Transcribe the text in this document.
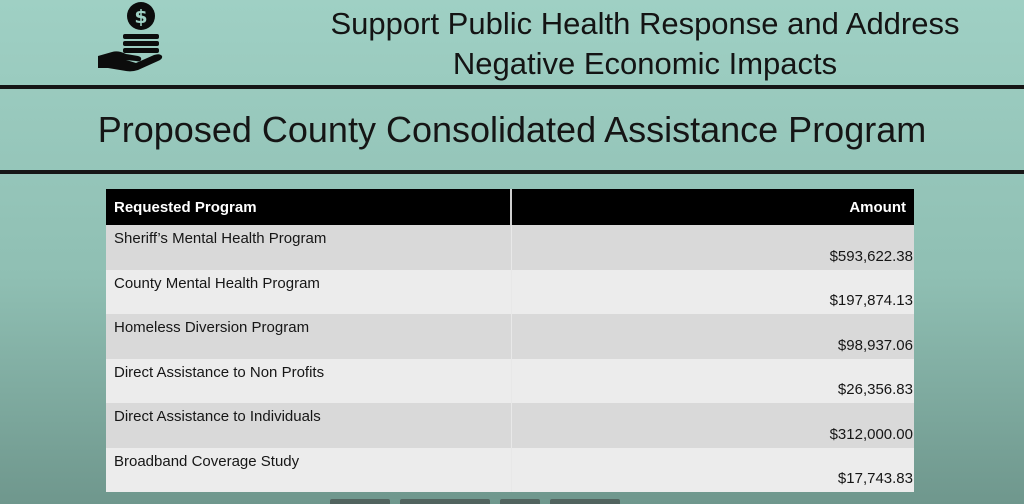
$	Support Public Health Response and Address
Negative Economic Impacts
Proposed County Consolidated Assistance Program
Requested Program	Amount
Sheriff’s Mental Health Program	$593,622.38
County Mental Health Program	$197,874.13
Homeless Diversion Program	$98,937.06
Direct Assistance to Non Profits	$26,356.83
Direct Assistance to Individuals	$312,000.00
Broadband Coverage Study	$17,743.83
